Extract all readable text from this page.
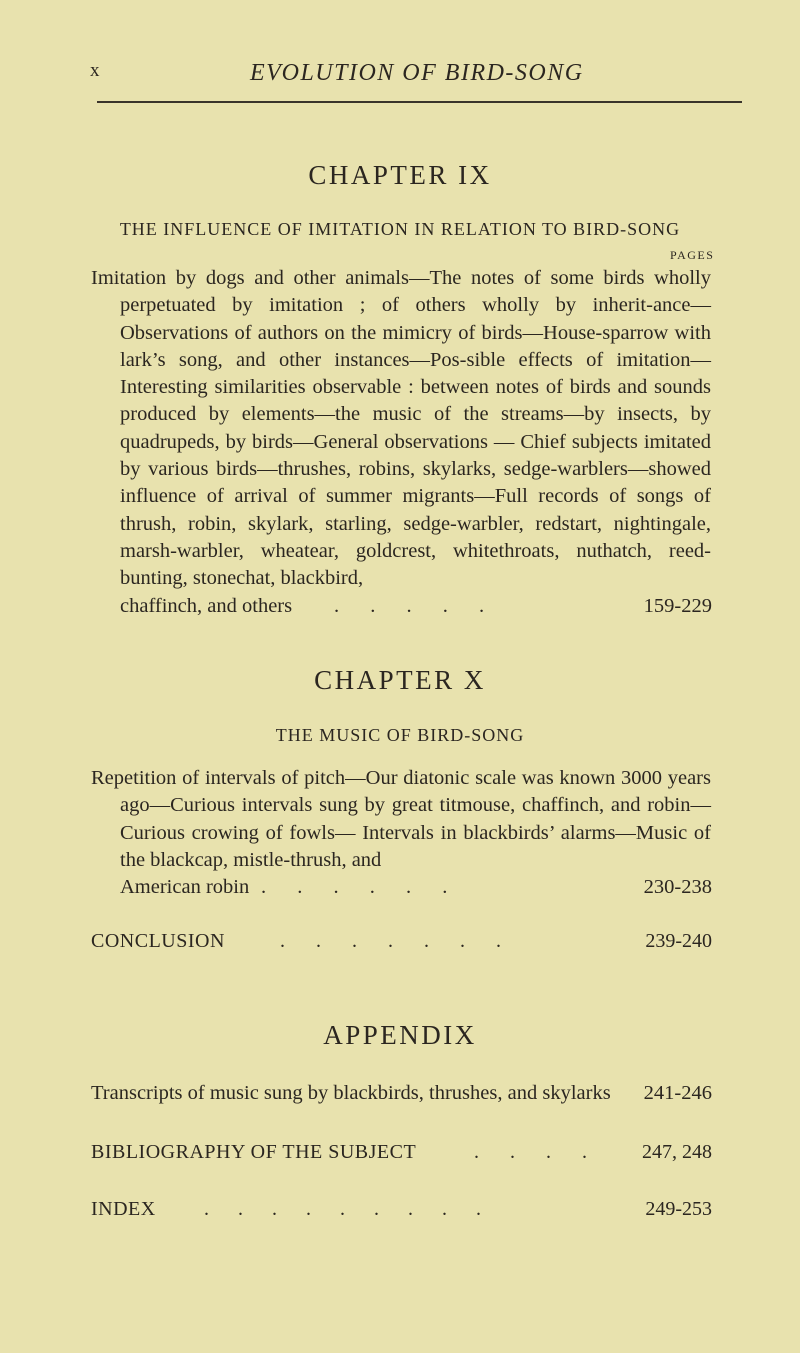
x	EVOLUTION OF BIRD-SONG
CHAPTER IX
THE INFLUENCE OF IMITATION IN RELATION TO BIRD-SONG
PAGES

Imitation by dogs and other animals—The notes of some birds wholly perpetuated by imitation ; of others wholly by inherit-ance—Observations of authors on the mimicry of birds—House-sparrow with lark’s song, and other instances—Pos-sible effects of imitation—Interesting similarities observable : between notes of birds and sounds produced by elements—the music of the streams—by insects, by quadrupeds, by birds—General observations — Chief subjects imitated by various birds—thrushes, robins, skylarks, sedge-warblers—showed influence of arrival of summer migrants—Full records of songs of thrush, robin, skylark, starling, sedge-warbler, redstart, nightingale, marsh-warbler, wheatear, goldcrest, whitethroats, nuthatch, reed-bunting, stonechat, blackbird,

chaffinch, and others . . . . .	159-229
CHAPTER X
THE MUSIC OF BIRD-SONG

Repetition of intervals of pitch—Our diatonic scale was known 3000 years ago—Curious intervals sung by great titmouse, chaffinch, and robin—Curious crowing of fowls— Intervals in blackbirds’ alarms—Music of the blackcap, mistle-thrush, and

American robin . . . . . .	230-238
CONCLUSION	. . . . . . .	239-240
APPENDIX
Transcripts of music sung by blackbirds, thrushes, and skylarks 241-246
BIBLIOGRAPHY OF THE SUBJECT	. . . .	247, 248
INDEX . . . . . . . . .	249-253
